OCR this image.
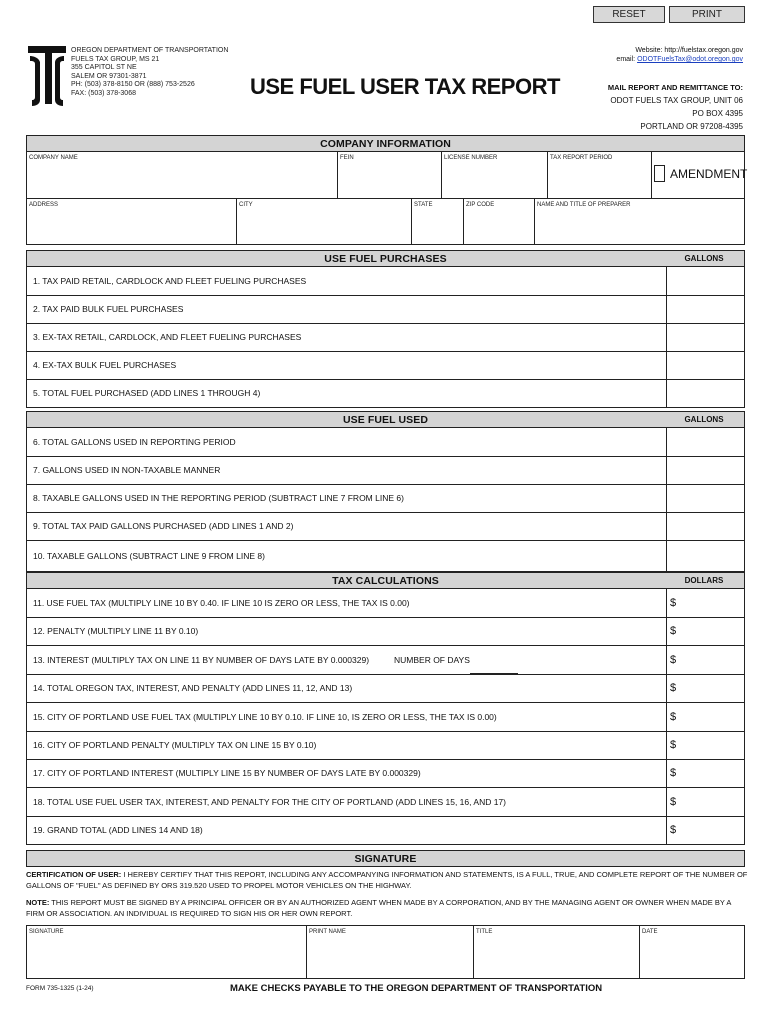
RESET	PRINT
OREGON DEPARTMENT OF TRANSPORTATION
FUELS TAX GROUP, MS 21
355 CAPITOL ST NE
SALEM OR 97301-3871
PH: (503) 378-8150 OR (888) 753-2526
FAX: (503) 378-3068	USE FUEL USER TAX REPORT
Website: http://fuelstax.oregon.gov
email: ODOTFuelsTax@odot.oregon.gov
MAIL REPORT AND REMITTANCE TO:
ODOT FUELS TAX GROUP, UNIT 06
PO BOX 4395
PORTLAND OR 97208-4395
COMPANY INFORMATION
COMPANY NAME	FEIN	LICENSE NUMBER	TAX REPORT PERIOD
AMENDMENT
ADDRESS	CITY	STATE	ZIP CODE	NAME AND TITLE OF PREPARER
USE FUEL PURCHASES	GALLONS
1. TAX PAID RETAIL, CARDLOCK AND FLEET FUELING PURCHASES
2. TAX PAID BULK FUEL PURCHASES
3. EX-TAX RETAIL, CARDLOCK, AND FLEET FUELING PURCHASES
4. EX-TAX BULK FUEL PURCHASES
5. TOTAL FUEL PURCHASED (ADD LINES 1 THROUGH 4)
USE FUEL USED	GALLONS
6. TOTAL GALLONS USED IN REPORTING PERIOD
7. GALLONS USED IN NON-TAXABLE MANNER
8. TAXABLE GALLONS USED IN THE REPORTING PERIOD (SUBTRACT LINE 7 FROM LINE 6)
9. TOTAL TAX PAID GALLONS PURCHASED (ADD LINES 1 AND 2)
10. TAXABLE GALLONS (SUBTRACT LINE 9 FROM LINE 8)
TAX CALCULATIONS	DOLLARS
11. USE FUEL TAX (MULTIPLY LINE 10 BY 0.40. IF LINE 10 IS ZERO OR LESS, THE TAX IS 0.00)	$
12. PENALTY (MULTIPLY LINE 11 BY 0.10)	$
13. INTEREST (MULTIPLY TAX ON LINE 11 BY NUMBER OF DAYS LATE BY 0.000329)	$
NUMBER OF DAYS
14. TOTAL OREGON TAX, INTEREST, AND PENALTY (ADD LINES 11, 12, AND 13)	$
15. CITY OF PORTLAND USE FUEL TAX (MULTIPLY LINE 10 BY 0.10. IF LINE 10, IS ZERO OR LESS, THE TAX IS 0.00)	$
16. CITY OF PORTLAND PENALTY (MULTIPLY TAX ON LINE 15 BY 0.10)	$
17. CITY OF PORTLAND INTEREST (MULTIPLY LINE 15 BY NUMBER OF DAYS LATE BY 0.000329)	$
18. TOTAL USE FUEL USER TAX, INTEREST, AND PENALTY FOR THE CITY OF PORTLAND (ADD LINES 15, 16, AND 17)	$
19. GRAND TOTAL (ADD LINES 14 AND 18)	$
SIGNATURE
CERTIFICATION OF USER: I HEREBY CERTIFY THAT THIS REPORT, INCLUDING ANY ACCOMPANYING INFORMATION AND STATEMENTS, IS A FULL, TRUE, AND COMPLETE REPORT OF THE NUMBER OF GALLONS OF "FUEL" AS DEFINED BY ORS 319.520 USED TO PROPEL MOTOR VEHICLES ON THE HIGHWAY.
NOTE: THIS REPORT MUST BE SIGNED BY A PRINCIPAL OFFICER OR BY AN AUTHORIZED AGENT WHEN MADE BY A CORPORATION, AND BY THE MANAGING AGENT OR OWNER WHEN MADE BY A FIRM OR ASSOCIATION. AN INDIVIDUAL IS REQUIRED TO SIGN HIS OR HER OWN REPORT.
SIGNATURE	PRINT NAME	TITLE	DATE
FORM 735-1325 (1-24)	MAKE CHECKS PAYABLE TO THE OREGON DEPARTMENT OF TRANSPORTATION
